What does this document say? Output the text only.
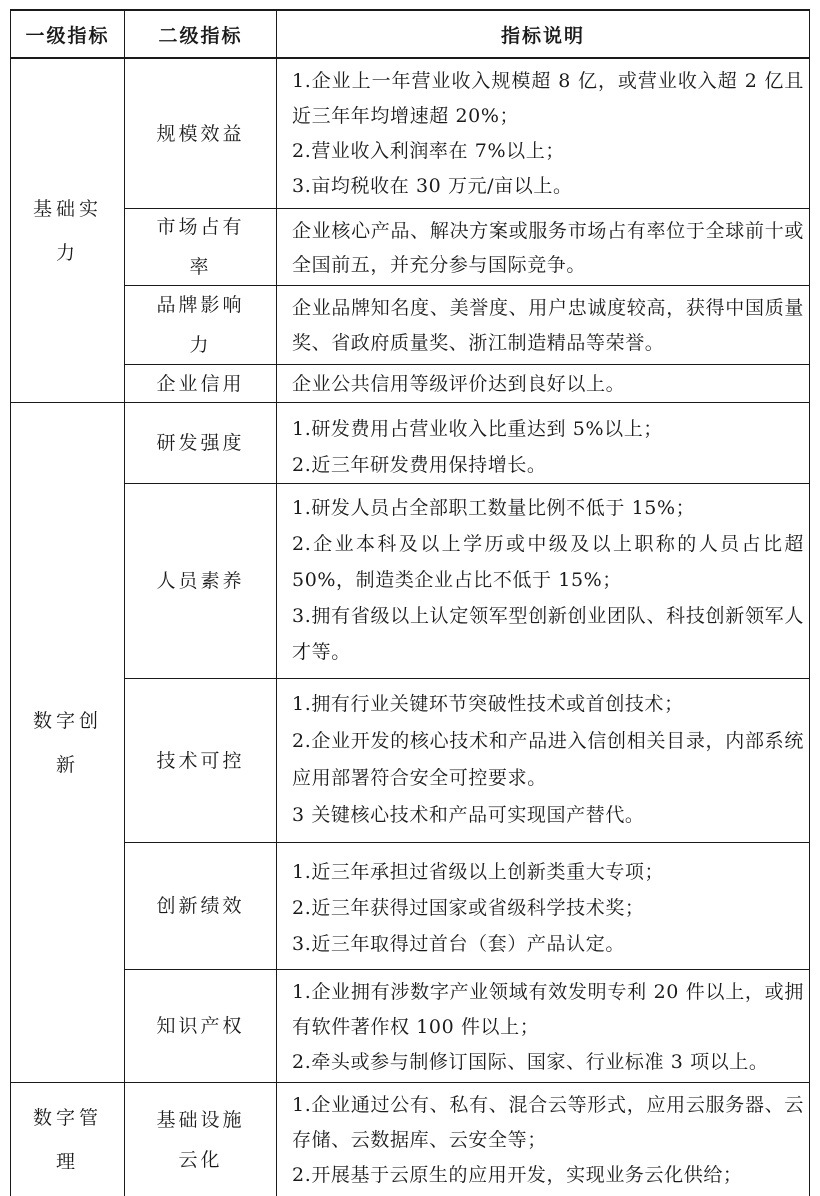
一级指标	二级指标	指标说明
基础实
力
数字创
新
数字管
理
规模效益
市场占有
率
品牌影响
力
企业信用
研发强度
人员素养
技术可控
创新绩效
知识产权
基础设施
云化

1.企业上一年营业收入规模超 8 亿，或营业收入超 2 亿且近三年年均增速超 20%；

2.营业收入利润率在 7%以上；

3.亩均税收在 30 万元/亩以上。

企业核心产品、解决方案或服务市场占有率位于全球前十或全国前五，并充分参与国际竞争。

企业品牌知名度、美誉度、用户忠诚度较高，获得中国质量奖、省政府质量奖、浙江制造精品等荣誉。

企业公共信用等级评价达到良好以上。

1.研发费用占营业收入比重达到 5%以上；

2.近三年研发费用保持增长。

1.研发人员占全部职工数量比例不低于 15%；

2.企业本科及以上学历或中级及以上职称的人员占比超 50%，制造类企业占比不低于 15%；

3.拥有省级以上认定领军型创新创业团队、科技创新领军人才等。

1.拥有行业关键环节突破性技术或首创技术；

2.企业开发的核心技术和产品进入信创相关目录，内部系统应用部署符合安全可控要求。

3 关键核心技术和产品可实现国产替代。

1.近三年承担过省级以上创新类重大专项；

2.近三年获得过国家或省级科学技术奖；

3.近三年取得过首台（套）产品认定。

1.企业拥有涉数字产业领域有效发明专利 20 件以上，或拥有软件著作权 100 件以上；

2.牵头或参与制修订国际、国家、行业标准 3 项以上。

1.企业通过公有、私有、混合云等形式，应用云服务器、云存储、云数据库、云安全等；

2.开展基于云原生的应用开发，实现业务云化供给；
